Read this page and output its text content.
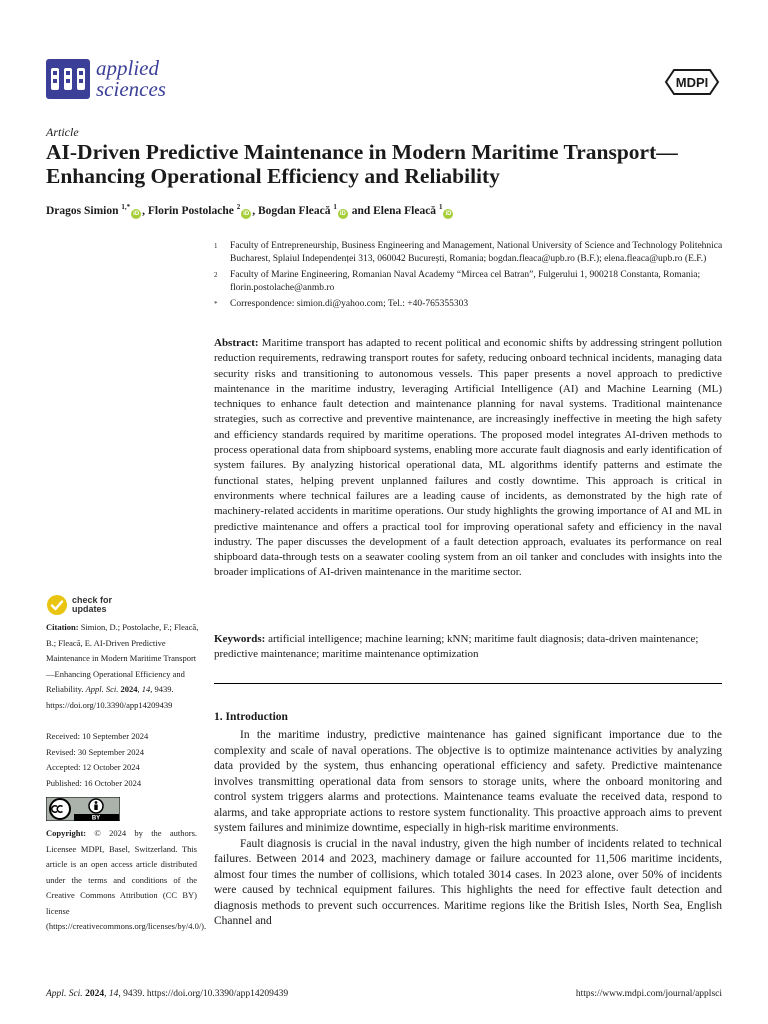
applied
sciences	MDPI
Article
AI-Driven Predictive Maintenance in Modern Maritime Transport—Enhancing Operational Efficiency and Reliability
Dragos Simion $^{1,*}$iD , Florin Postolache $^2$iD , Bogdan Fleacă $^1$iD and Elena Fleacă $^1$iD
1	Faculty of Entrepreneurship, Business Engineering and Management, National University of Science and Technology Politehnica Bucharest, Splaiul Independenței 313, 060042 București, Romania; bogdan.fleaca@upb.ro (B.F.); elena.fleaca@upb.ro (E.F.)
2	Faculty of Marine Engineering, Romanian Naval Academy “Mircea cel Batran”, Fulgerului 1, 900218 Constanta, Romania; florin.postolache@anmb.ro
*	Correspondence: simion.di@yahoo.com; Tel.: +40-765355303

Abstract: Maritime transport has adapted to recent political and economic shifts by addressing stringent pollution reduction requirements, redrawing transport routes for safety, reducing onboard technical incidents, managing data security risks and transitioning to autonomous vessels. This paper presents a novel approach to predictive maintenance in the maritime industry, leveraging Artificial Intelligence (AI) and Machine Learning (ML) techniques to enhance fault detection and maintenance planning for naval systems. Traditional maintenance strategies, such as corrective and preventive maintenance, are increasingly ineffective in meeting the high safety and efficiency standards required by maritime operations. The proposed model integrates AI-driven methods to process operational data from shipboard systems, enabling more accurate fault diagnosis and early identification of system failures. By analyzing historical operational data, ML algorithms identify patterns and estimate the functional states, helping prevent unplanned failures and costly downtime. This approach is critical in environments where technical failures are a leading cause of incidents, as demonstrated by the high rate of machinery-related accidents in maritime operations. Our study highlights the growing importance of AI and ML in predictive maintenance and offers a practical tool for improving operational safety and efficiency in the naval industry. The paper discusses the development of a fault detection approach, evaluates its performance on real shipboard data-through tests on a seawater cooling system from an oil tanker and concludes with insights into the broader implications of AI-driven maintenance in the maritime sector.

Keywords: artificial intelligence; machine learning; kNN; maritime fault diagnosis; data-driven maintenance; predictive maintenance; maritime maintenance optimization

1. Introduction

In the maritime industry, predictive maintenance has gained significant importance due to the complexity and scale of naval operations. The objective is to optimize maintenance activities by analyzing data provided by the system, thus enhancing operational efficiency and safety. Predictive maintenance involves transmitting operational data from sensors to storage units, where the onboard monitoring and control system triggers alarms and protections. Maintenance teams evaluate the received data, respond to alarms, and take appropriate actions to restore system functionality. This proactive approach aims to prevent system failures and minimize downtime, especially in high-risk maritime environments.

Fault diagnosis is crucial in the naval industry, given the high number of incidents related to technical failures. Between 2014 and 2023, machinery damage or failure accounted for 11,506 maritime incidents, almost four times the number of collisions, which totaled 3014 cases. In 2023 alone, over 50% of incidents were caused by technical equipment failures. This highlights the need for effective fault detection and diagnosis methods to prevent such occurrences. Maritime regions like the British Isles, North Sea, English Channel and

check for
updates
Citation: Simion, D.; Postolache, F.; Fleacă, B.; Fleacă, E. AI-Driven Predictive Maintenance in Modern Maritime Transport—Enhancing Operational Efficiency and Reliability. Appl. Sci. 2024, 14, 9439. https://doi.org/10.3390/app14209439
Received: 10 September 2024
Revised: 30 September 2024
Accepted: 12 October 2024
Published: 16 October 2024
BY
Copyright: © 2024 by the authors. Licensee MDPI, Basel, Switzerland. This article is an open access article distributed under the terms and conditions of the Creative Commons Attribution (CC BY) license (https://creativecommons.org/licenses/by/4.0/).
Appl. Sci. 2024, 14, 9439. https://doi.org/10.3390/app14209439	https://www.mdpi.com/journal/applsci
